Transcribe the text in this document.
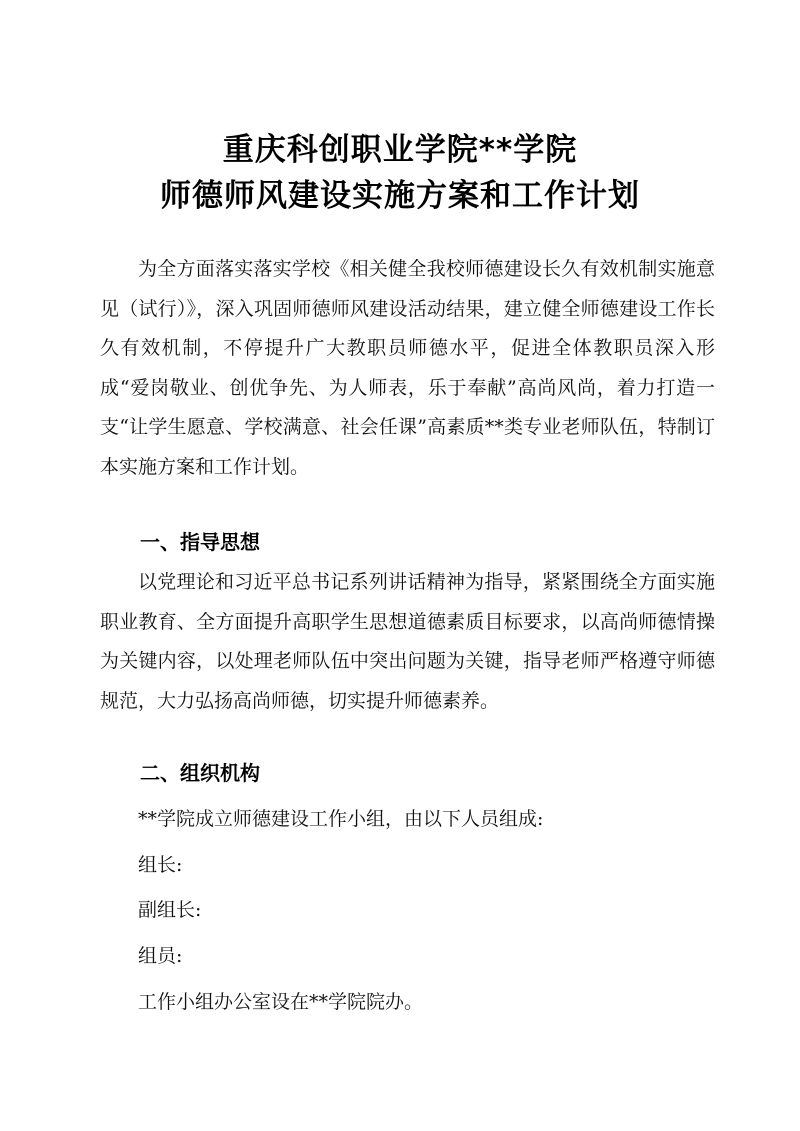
重庆科创职业学院**学院
师德师风建设实施方案和工作计划

为全方面落实落实学校《相关健全我校师德建设长久有效机制实施意见（试行）》，深入巩固师德师风建设活动结果，建立健全师德建设工作长久有效机制，不停提升广大教职员师德水平，促进全体教职员深入形成“爱岗敬业、创优争先、为人师表，乐于奉献”高尚风尚，着力打造一支“让学生愿意、学校满意、社会任课”高素质**类专业老师队伍，特制订本实施方案和工作计划。

一、指导思想

以党理论和习近平总书记系列讲话精神为指导，紧紧围绕全方面实施职业教育、全方面提升高职学生思想道德素质目标要求，以高尚师德情操为关键内容，以处理老师队伍中突出问题为关键，指导老师严格遵守师德规范，大力弘扬高尚师德，切实提升师德素养。

二、组织机构
**学院成立师德建设工作小组，由以下人员组成:
组长:
副组长:
组员:
工作小组办公室设在**学院院办。
